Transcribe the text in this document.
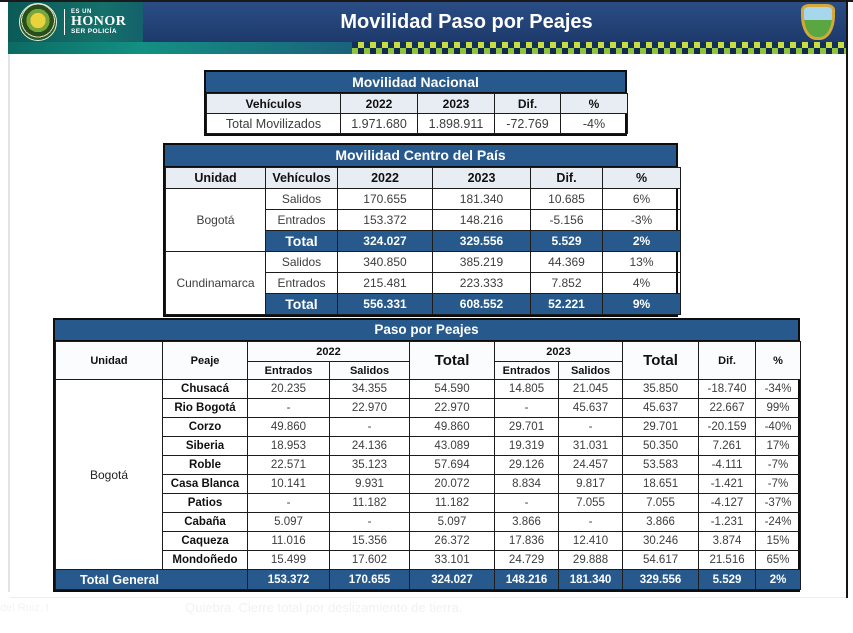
ES UN
HONOR
SER POLICÍA	Movilidad Paso por Peajes
Movilidad Nacional
Vehículos	2022	2023	Dif.	%
Total Movilizados	1.971.680	1.898.911	-72.769	-4%
Movilidad Centro del País
Unidad	Vehículos	2022	2023	Dif.	%
Bogotá	Salidos	170.655	181.340	10.685	6%
	Entrados	153.372	148.216	-5.156	-3%
	Total	324.027	329.556	5.529	2%
Cundinamarca	Salidos	340.850	385.219	44.369	13%
	Entrados	215.481	223.333	7.852	4%
	Total	556.331	608.552	52.221	9%
Paso por Peajes
Unidad	Peaje	2022		Total	2023		Total	Dif.	%
		Entrados	Salidos		Entrados	Salidos			
Bogotá	Chusacá	20.235	34.355	54.590	14.805	21.045	35.850	-18.740	-34%
	Rio Bogotá	-	22.970	22.970	-	45.637	45.637	22.667	99%
	Corzo	49.860	-	49.860	29.701	-	29.701	-20.159	-40%
	Siberia	18.953	24.136	43.089	19.319	31.031	50.350	7.261	17%
	Roble	22.571	35.123	57.694	29.126	24.457	53.583	-4.111	-7%
	Casa Blanca	10.141	9.931	20.072	8.834	9.817	18.651	-1.421	-7%
	Patios	-	11.182	11.182	-	7.055	7.055	-4.127	-37%
	Cabaña	5.097	-	5.097	3.866	-	3.866	-1.231	-24%
	Caqueza	11.016	15.356	26.372	17.836	12.410	30.246	3.874	15%
	Mondoñedo	15.499	17.602	33.101	24.729	29.888	54.617	21.516	65%
Total General		153.372	170.655	324.027	148.216	181.340	329.556	5.529	2%
del Ruiz, t	Quiebra. Cierre total por deslizamiento de tierra.
